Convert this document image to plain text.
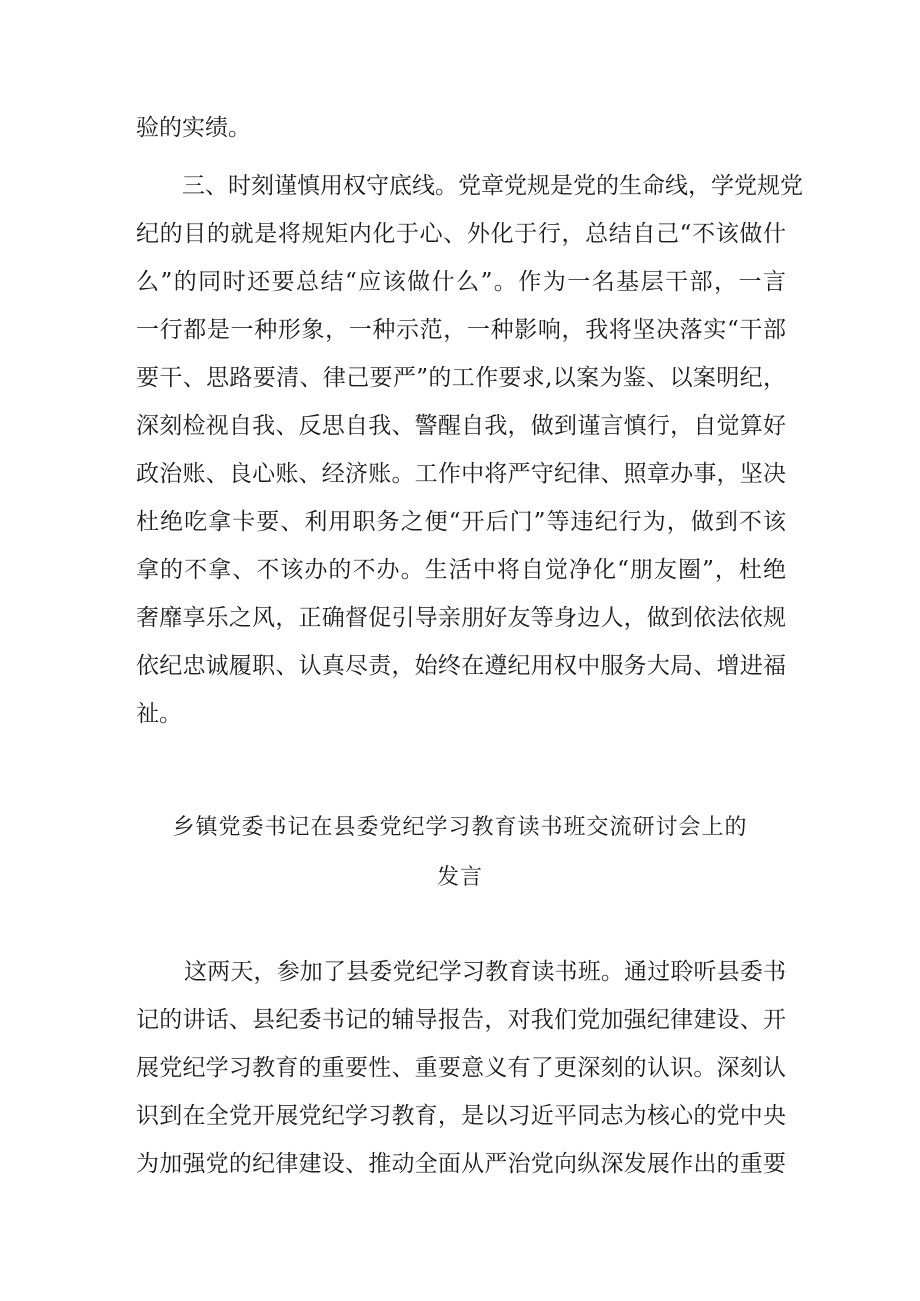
验的实绩。
三、时刻谨慎用权守底线。党章党规是党的生命线，学党规党
纪的目的就是将规矩内化于心、外化于行，总结自己“不该做什
么”的同时还要总结“应该做什么”。作为一名基层干部，一言
一行都是一种形象，一种示范，一种影响，我将坚决落实“干部
要干、思路要清、律己要严”的工作要求,以案为鉴、以案明纪，
深刻检视自我、反思自我、警醒自我，做到谨言慎行，自觉算好
政治账、良心账、经济账。工作中将严守纪律、照章办事，坚决
杜绝吃拿卡要、利用职务之便“开后门”等违纪行为，做到不该
拿的不拿、不该办的不办。生活中将自觉净化“朋友圈”，杜绝
奢靡享乐之风，正确督促引导亲朋好友等身边人，做到依法依规
依纪忠诚履职、认真尽责，始终在遵纪用权中服务大局、增进福
祉。
乡镇党委书记在县委党纪学习教育读书班交流研讨会上的
发言
这两天，参加了县委党纪学习教育读书班。通过聆听县委书
记的讲话、县纪委书记的辅导报告，对我们党加强纪律建设、开
展党纪学习教育的重要性、重要意义有了更深刻的认识。深刻认
识到在全党开展党纪学习教育，是以习近平同志为核心的党中央
为加强党的纪律建设、推动全面从严治党向纵深发展作出的重要
